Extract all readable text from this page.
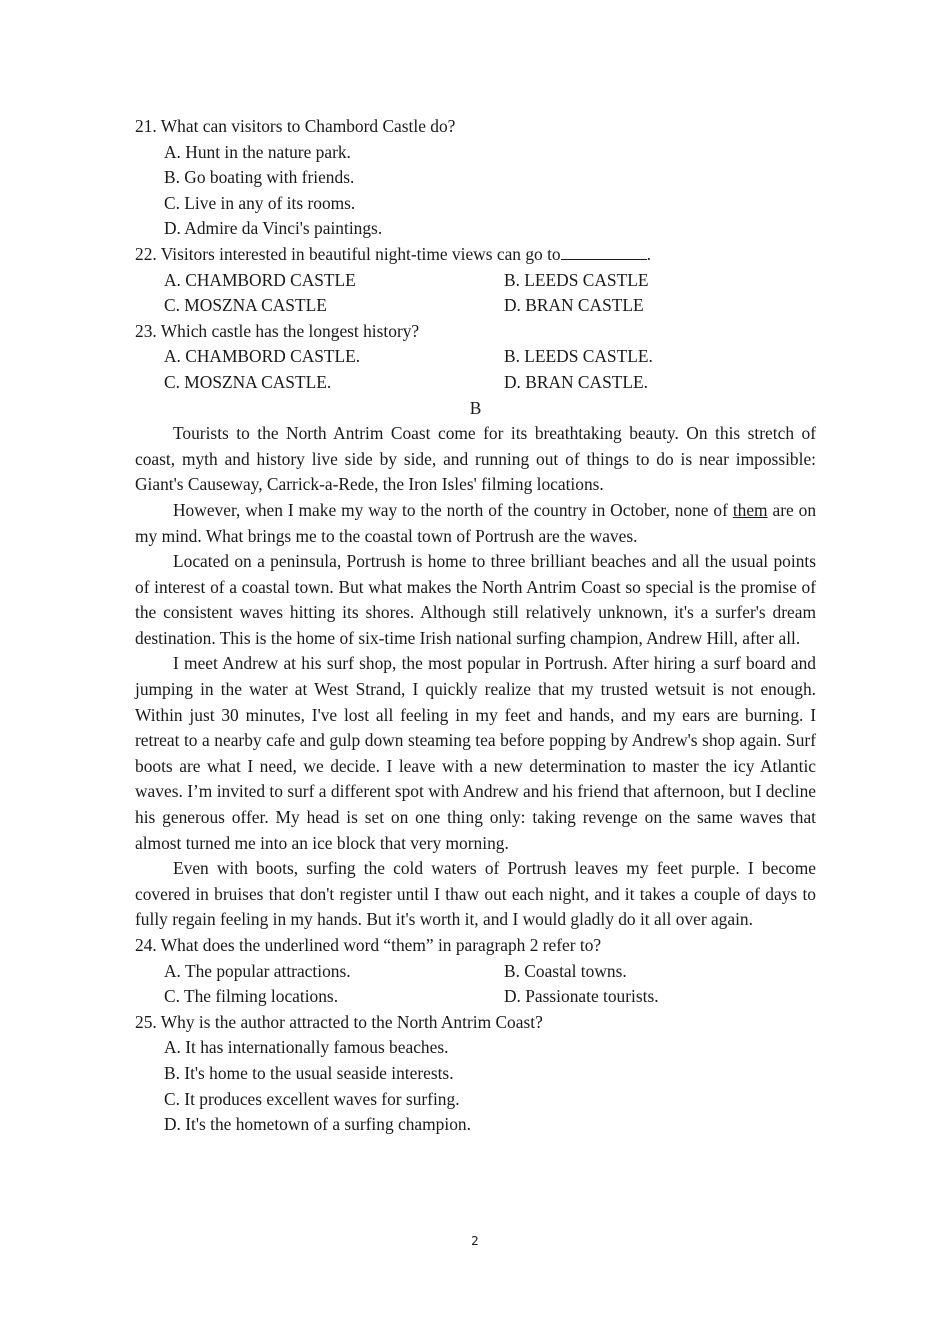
21. What can visitors to Chambord Castle do?
A. Hunt in the nature park.
B. Go boating with friends.
C. Live in any of its rooms.
D. Admire da Vinci's paintings.
22. Visitors interested in beautiful night-time views can go to	.
A. CHAMBORD CASTLE	B. LEEDS CASTLE
C. MOSZNA CASTLE	D. BRAN CASTLE
23. Which castle has the longest history?
A. CHAMBORD CASTLE.	B. LEEDS CASTLE.
C. MOSZNA CASTLE.	D. BRAN CASTLE.
B

Tourists to the North Antrim Coast come for its breathtaking beauty. On this stretch of coast, myth and history live side by side, and running out of things to do is near impossible: Giant's Causeway, Carrick-a-Rede, the Iron Isles' filming locations.

However, when I make my way to the north of the country in October, none of them are on my mind. What brings me to the coastal town of Portrush are the waves.

Located on a peninsula, Portrush is home to three brilliant beaches and all the usual points of interest of a coastal town. But what makes the North Antrim Coast so special is the promise of the consistent waves hitting its shores. Although still relatively unknown, it's a surfer's dream destination. This is the home of six-time Irish national surfing champion, Andrew Hill, after all.

I meet Andrew at his surf shop, the most popular in Portrush. After hiring a surf board and jumping in the water at West Strand, I quickly realize that my trusted wetsuit is not enough. Within just 30 minutes, I've lost all feeling in my feet and hands, and my ears are burning. I retreat to a nearby cafe and gulp down steaming tea before popping by Andrew's shop again. Surf boots are what I need, we decide. I leave with a new determination to master the icy Atlantic waves. I’m invited to surf a different spot with Andrew and his friend that afternoon, but I decline his generous offer. My head is set on one thing only: taking revenge on the same waves that almost turned me into an ice block that very morning.

Even with boots, surfing the cold waters of Portrush leaves my feet purple. I become covered in bruises that don't register until I thaw out each night, and it takes a couple of days to fully regain feeling in my hands. But it's worth it, and I would gladly do it all over again.

24. What does the underlined word “them” in paragraph 2 refer to?
A. The popular attractions.	B. Coastal towns.
C. The filming locations.	D. Passionate tourists.
25. Why is the author attracted to the North Antrim Coast?
A. It has internationally famous beaches.
B. It's home to the usual seaside interests.
C. It produces excellent waves for surfing.
D. It's the hometown of a surfing champion.
2
